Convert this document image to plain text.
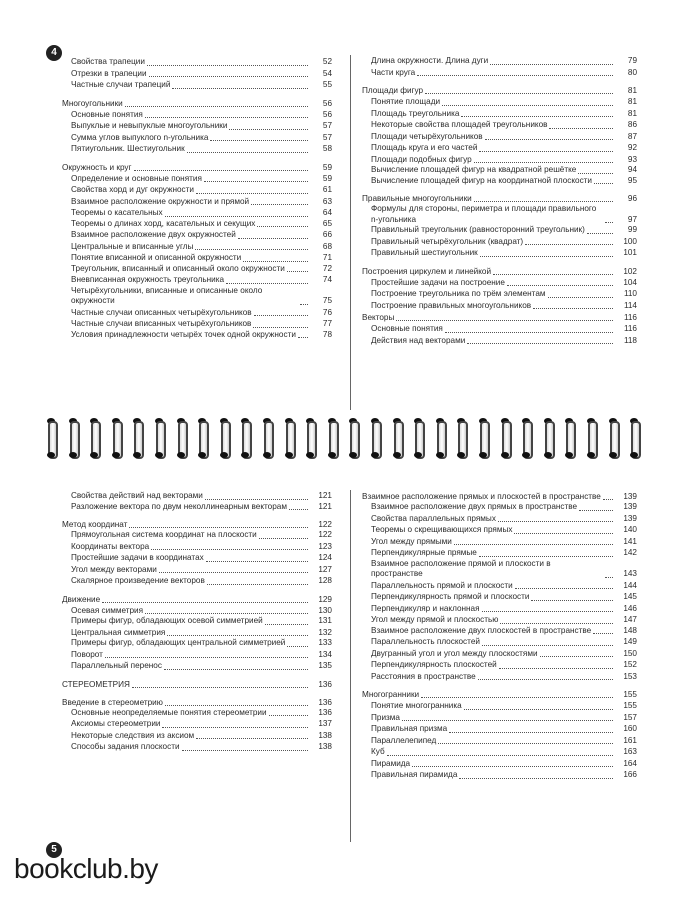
4
Свойства трапеции	52
Отрезки в трапеции	54
Частные случаи трапеций	55
Многоугольники	56
Основные понятия	56
Выпуклые и невыпуклые многоугольники	57
Сумма углов выпуклого n-угольника	57
Пятиугольник. Шестиугольник	58
Окружность и круг	59
Определение и основные понятия	59
Свойства хорд и дуг окружности	61
Взаимное расположение окружности и прямой	63
Теоремы о касательных	64
Теоремы о длинах хорд, касательных и секущих	65
Взаимное расположение двух окружностей	66
Центральные и вписанные углы	68
Понятие вписанной и описанной окружности	71
Треугольник, вписанный и описанный около окружности	72
Вневписанная окружность треугольника	74
Четырёхугольники, вписанные и описанные около окружности	75
Частные случаи описанных четырёхугольников	76
Частные случаи вписанных четырёхугольников	77
Условия принадлежности четырёх точек одной окружности	78
Длина окружности. Длина дуги	79
Части круга	80
Площади фигур	81
Понятие площади	81
Площадь треугольника	81
Некоторые свойства площадей треугольников	86
Площади четырёхугольников	87
Площадь круга и его частей	92
Площади подобных фигур	93
Вычисление площадей фигур на квадратной решётке	94
Вычисление площадей фигур на координатной плоскости	95
Правильные многоугольники	96
Формулы для стороны, периметра и площади правильного n-угольника	97
Правильный треугольник (равносторонний треугольник)	99
Правильный четырёхугольник (квадрат)	100
Правильный шестиугольник	101
Построения циркулем и линейкой	102
Простейшие задачи на построение	104
Построение треугольника по трём элементам	110
Построение правильных многоугольников	114
Векторы	116
Основные понятия	116
Действия над векторами	118
Свойства действий над векторами	121
Разложение вектора по двум неколлинеарным векторам	121
Метод координат	122
Прямоугольная система координат на плоскости	122
Координаты вектора	123
Простейшие задачи в координатах	124
Угол между векторами	127
Скалярное произведение векторов	128
Движение	129
Осевая симметрия	130
Примеры фигур, обладающих осевой симметрией	131
Центральная симметрия	132
Примеры фигур, обладающих центральной симметрией	133
Поворот	134
Параллельный перенос	135
СТЕРЕОМЕТРИЯ	136
Введение в стереометрию	136
Основные неопределяемые понятия стереометрии	136
Аксиомы стереометрии	137
Некоторые следствия из аксиом	138
Способы задания плоскости	138
Взаимное расположение прямых и плоскостей в пространстве	139
Взаимное расположение двух прямых в пространстве	139
Свойства параллельных прямых	139
Теоремы о скрещивающихся прямых	140
Угол между прямыми	141
Перпендикулярные прямые	142
Взаимное расположение прямой и плоскости в пространстве	143
Параллельность прямой и плоскости	144
Перпендикулярность прямой и плоскости	145
Перпендикуляр и наклонная	146
Угол между прямой и плоскостью	147
Взаимное расположение двух плоскостей в пространстве	148
Параллельность плоскостей	149
Двугранный угол и угол между плоскостями	150
Перпендикулярность плоскостей	152
Расстояния в пространстве	153
Многогранники	155
Понятие многогранника	155
Призма	157
Правильная призма	160
Параллелепипед	161
Куб	163
Пирамида	164
Правильная пирамида	166
5
bookclub.by
